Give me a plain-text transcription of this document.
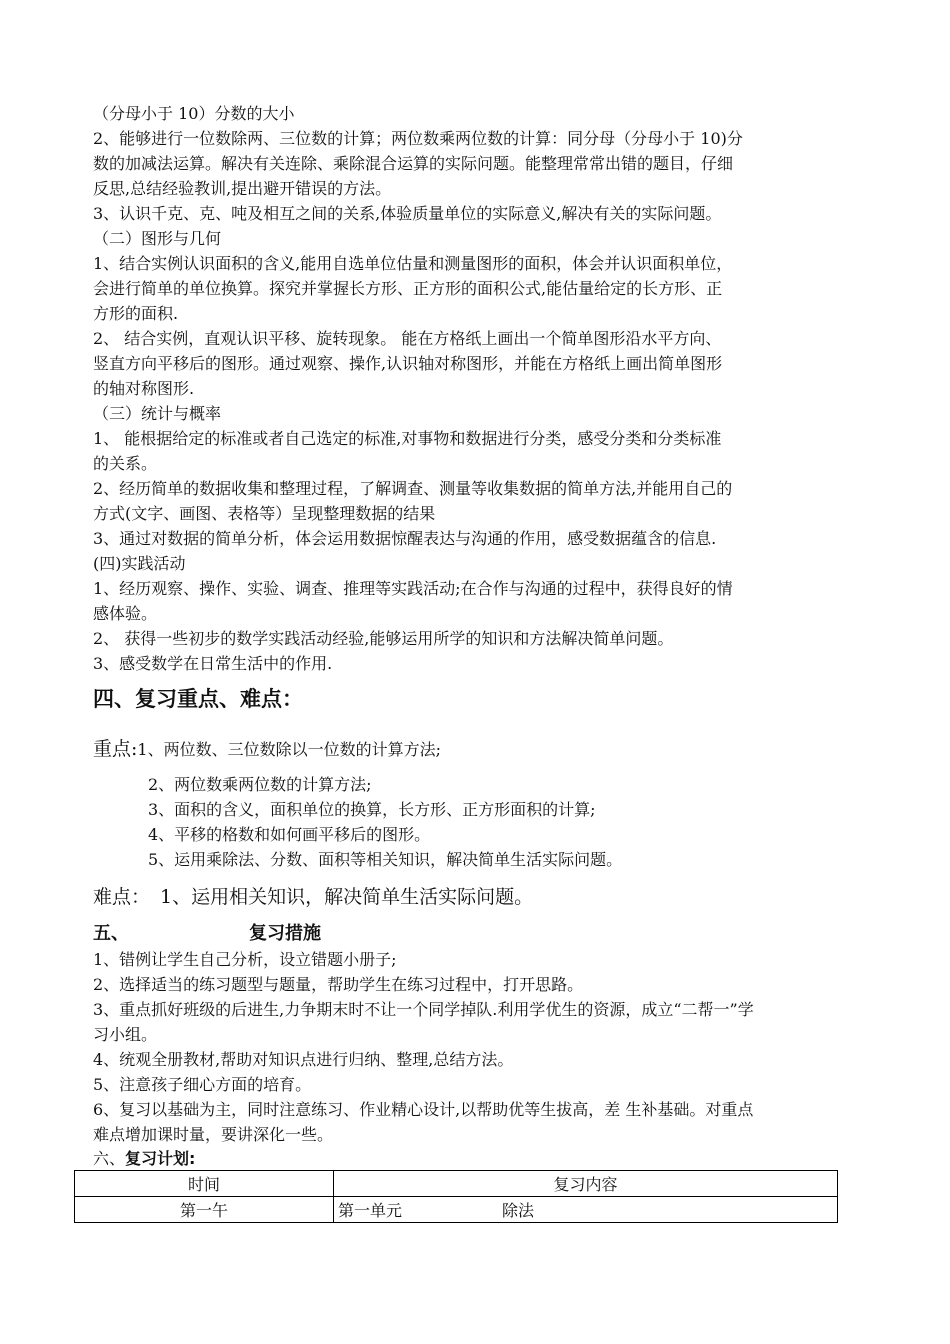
（分母小于 10）分数的大小
2、能够进行一位数除两、三位数的计算；两位数乘两位数的计算：同分母（分母小于 10)分
数的加减法运算。解决有关连除、乘除混合运算的实际问题。能整理常常出错的题目，仔细
反思,总结经验教训,提出避开错误的方法。
3、认识千克、克、吨及相互之间的关系,体验质量单位的实际意义,解决有关的实际问题。
（二）图形与几何
1、结合实例认识面积的含义,能用自选单位估量和测量图形的面积，体会并认识面积单位，
会进行简单的单位换算。探究并掌握长方形、正方形的面积公式,能估量给定的长方形、正
方形的面积.
2、 结合实例，直观认识平移、旋转现象。 能在方格纸上画出一个简单图形沿水平方向、
竖直方向平移后的图形。通过观察、操作,认识轴对称图形，并能在方格纸上画出简单图形
的轴对称图形.
（三）统计与概率
1、 能根据给定的标准或者自己选定的标准,对事物和数据进行分类，感受分类和分类标准
的关系。
2、经历简单的数据收集和整理过程，了解调查、测量等收集数据的简单方法,并能用自己的
方式(文字、画图、表格等）呈现整理数据的结果
3、通过对数据的简单分析，体会运用数据惊醒表达与沟通的作用，感受数据蕴含的信息.
(四)实践活动
1、经历观察、操作、实验、调查、推理等实践活动;在合作与沟通的过程中，获得良好的情
感体验。
2、 获得一些初步的数学实践活动经验,能够运用所学的知识和方法解决简单问题。
3、感受数学在日常生活中的作用.
四、复习重点、难点：
重点:1、两位数、三位数除以一位数的计算方法;
2、两位数乘两位数的计算方法;
3、面积的含义，面积单位的换算，长方形、正方形面积的计算;
4、平移的格数和如何画平移后的图形。
5、运用乘除法、分数、面积等相关知识，解决简单生活实际问题。
难点： 1、运用相关知识，解决简单生活实际问题。
五、	复习措施
1、错例让学生自己分析，设立错题小册子;
2、选择适当的练习题型与题量，帮助学生在练习过程中，打开思路。
3、重点抓好班级的后进生,力争期末时不让一个同学掉队.利用学优生的资源，成立“二帮一”学
习小组。
4、统观全册教材,帮助对知识点进行归纳、整理,总结方法。
5、注意孩子细心方面的培育。
6、复习以基础为主，同时注意练习、作业精心设计,以帮助优等生拔高，差 生补基础。对重点
难点增加课时量，要讲深化一些。
六、复习计划:
时间	复习内容
第一午	第一单元 除法
